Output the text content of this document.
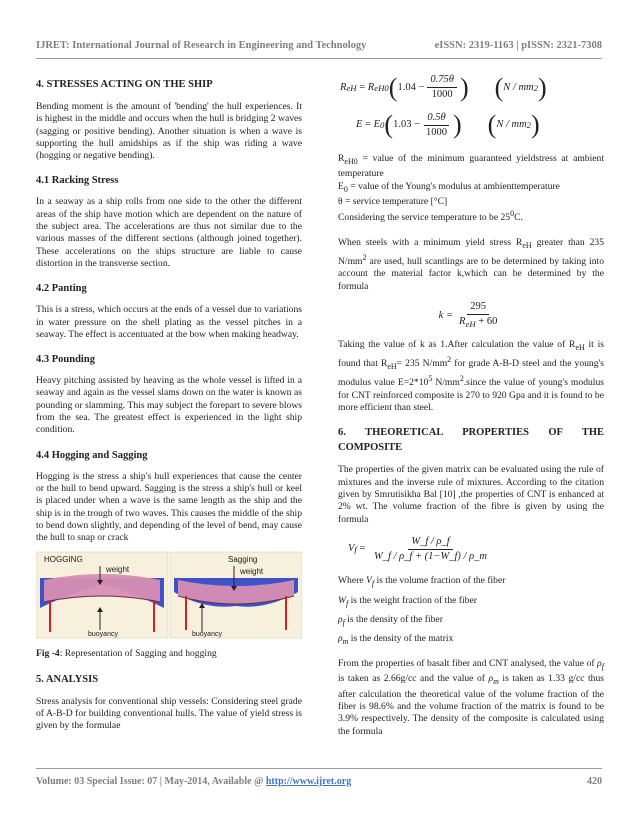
IJRET: International Journal of Research in Engineering and Technology	eISSN: 2319-1163 | pISSN: 2321-7308
4. STRESSES ACTING ON THE SHIP

Bending moment is the amount of 'bending' the hull experiences. It is highest in the middle and occurs when the hull is bridging 2 waves (sagging or positive bending). Another situation is when a wave is supporting the hull amidships as if the ship was riding a wave (hogging or negative bending).

4.1 Racking Stress

In a seaway as a ship rolls from one side to the other the different areas of the ship have motion which are dependent on the nature of the subject area. The accelerations are thus not similar due to the various masses of the different sections (although joined together). These accelerations on the ships structure are liable to cause distortion in the transverse section.

4.2 Panting

This is a stress, which occurs at the ends of a vessel due to variations in water pressure on the shell plating as the vessel pitches in a seaway. The effect is accentuated at the bow when making headway.

4.3 Pounding

Heavy pitching assisted by heaving as the whole vessel is lifted in a seaway and again as the vessel slams down on the water is known as pounding or slamming. This may subject the forepart to severe blows from the sea. The greatest effect is experienced in the light ship condition.

4.4 Hogging and Sagging

Hogging is the stress a ship's hull experiences that cause the center or the hull to bend upward. Sagging is the stress a ship's hull or keel is placed under when a wave is the same length as the ship and the ship is in the trough of two waves. This causes the middle of the ship to bend down slightly, and depending of the level of bend, may cause the hull to snap or crack

HOGGING
weight
buoyancy
Sagging
weight
buoyancy

Fig -4: Representation of Sagging and hogging

5. ANALYSIS

Stress analysis for conventional ship vessels: Considering steel grade of A-B-D for building conventional hulls. The value of yield stress is given by the formulae

R eH = R eH0 ( $1.04 - \frac{0.75\theta}{1000}$ ) ( N / mm 2 )
E = E 0 ( $1.03 - \frac{0.5\theta}{1000}$ ) ( N / mm 2 )

$R_{eH0}$ = value of the minimum guaranteed yieldstress at ambient temperature

$E_0$ = value of the Young's modulus at ambienttemperature

θ = service temperature [°C]

Considering the service temperature to be $25^0C$.

When steels with a minimum yield stress $R_{eH}$ greater than 235 $N/mm^2$ are used, hull scantlings are to be determined by taking into account the material factor k,which can be determined by the formula

$k = \frac{295}{R_{eH} + 60}$

Taking the value of k as 1.After calculation the value of $R_{eH}$ it is found that $R_{eH}= 235$ $N/mm^2$ for grade A-B-D steel and the young's modulus value $E=2*10^5$ $N/mm^2.since$ the value of young's modulus for CNT reinforced composite is 270 to 920 Gpa and it is found to be more efficient than steel.

6. THEORETICAL PROPERTIES OF THE
COMPOSITE

The properties of the given matrix can be evaluated using the rule of mixtures and the inverse rule of mixtures. According to the citation given by Smrutisikha Bal [10] ,the properties of CNT is enhanced at 2% wt. The volume fraction of the fibre is given by using the formula

V $f = \frac{W\_f / \rho\_f}{W\_f / \rho\_f + (1-W\_f) / \rho\_m}$

Where $V_f$ is the volume fraction of the fiber

$W_f$ is the weight fraction of the fiber

$\rho_f$ is the density of the fiber

$\rho_m$ is the density of the matrix

From the properties of basalt fiber and CNT analysed, the value of $\rho_f$ is taken as 2.66g/cc and the value of $\rho_m$ is taken as 1.33 g/cc thus after calculation the theoretical value of the volume fraction of the fiber is 98.6% and the volume fraction of the matrix is found to be 3.9% respectively. The density of the composite is calculated using the formula

Volume: 03 Special Issue: 07 | May-2014, Available @ http://www.ijret.org	420
